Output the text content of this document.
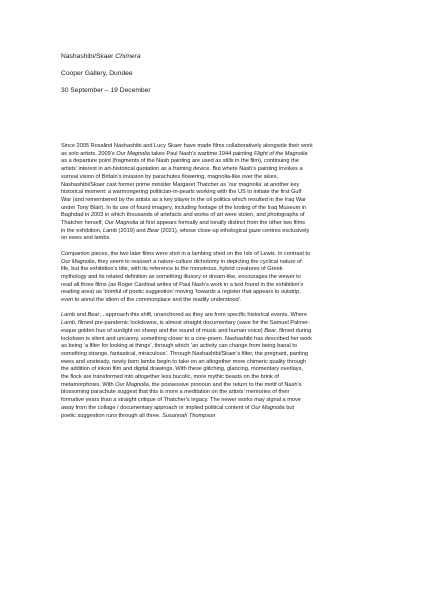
Nashashibi/Skaer Chimera

Cooper Gallery, Dundee

30 September – 19 December

Since 2005 Rosalind Nashashibi and Lucy Skaer have made films collaboratively alongside their work
as solo artists. 2009’s Our Magnolia takes Paul Nash’s wartime 1944 painting Flight of the Magnolia
as a departure point (fragments of the Nash painting are used as stills in the film), continuing the
artists’ interest in art-historical quotation as a framing device. But where Nash’s painting invokes a
surreal vision of Britain’s invasion by parachutes flowering, magnolia-like over the skies,
Nashashibi/Skaer cast former prime minister Margaret Thatcher as ‘our magnolia’ at another key
historical moment: a warmongering politician-in-pearls working with the US to initiate the first Gulf
War (and remembered by the artists as a key player in the oil politics which resulted in the Iraq War
under Tony Blair). In its use of found imagery, including footage of the looting of the Iraq Museum in
Baghdad in 2003 in which thousands of artefacts and works of art were stolen, and photographs of
Thatcher herself, Our Magnolia at first appears formally and tonally distinct from the other two films
in the exhibition, Lamb (2019) and Bear (2021), whose close-up ethological gaze centres exclusively
on ewes and lambs.

Companion pieces, the two later films were shot in a lambing shed on the Isle of Lewis. In contrast to
Our Magnolia, they seem to reassert a nature-culture dichotomy in depicting the cyclical nature of
life, but the exhibition’s title, with its reference to the monstrous, hybrid creatures of Greek
mythology and its related definition as something illusory or dream-like, encourages the viewer to
read all three films (as Roger Cardinal writes of Paul Nash’s work in a text found in the exhibition’s
reading area) as ‘brimful of poetic suggestion’ moving ‘towards a register that appears to outstrip,
even to annul the idiom of the commonplace and the readily understood’.

Lamb and Bear, , approach this shift, unanchored as they are from specific historical events. Where
Lamb, filmed pre-pandemic lockdowns, is almost straight documentary (save for the Samuel Palmer-
esque golden hue of sunlight on sheep and the sound of music and human voice) Bear, filmed during
lockdown is silent and uncanny, something closer to a cine-poem. Nashashibi has described her work
as being ‘a filter for looking at things’, through which ‘an activity can change from being banal to
something strange, fantastical, miraculous’. Through Nashashibi/Skaer’s filter, the pregnant, panting
ewes and unsteady, newly born lambs begin to take on an altogether more chimeric quality through
the addition of inkon film and digital drawings. With these glitching, glancing, momentary overlays,
the flock are transformed into altogether less bucolic, more mythic beasts on the brink of
metamorphosis. With Our Magnolia, the possessive pronoun and the return to the motif of Nash’s
blossoming parachute suggest that this is more a meditation on the artists’ memories of their
formative years than a straight critique of Thatcher’s legacy. The newer works may signal a move
away from the collage / documentary approach or implied political content of Our Magnolia but
poetic suggestion runs through all three. Susannah Thompson
